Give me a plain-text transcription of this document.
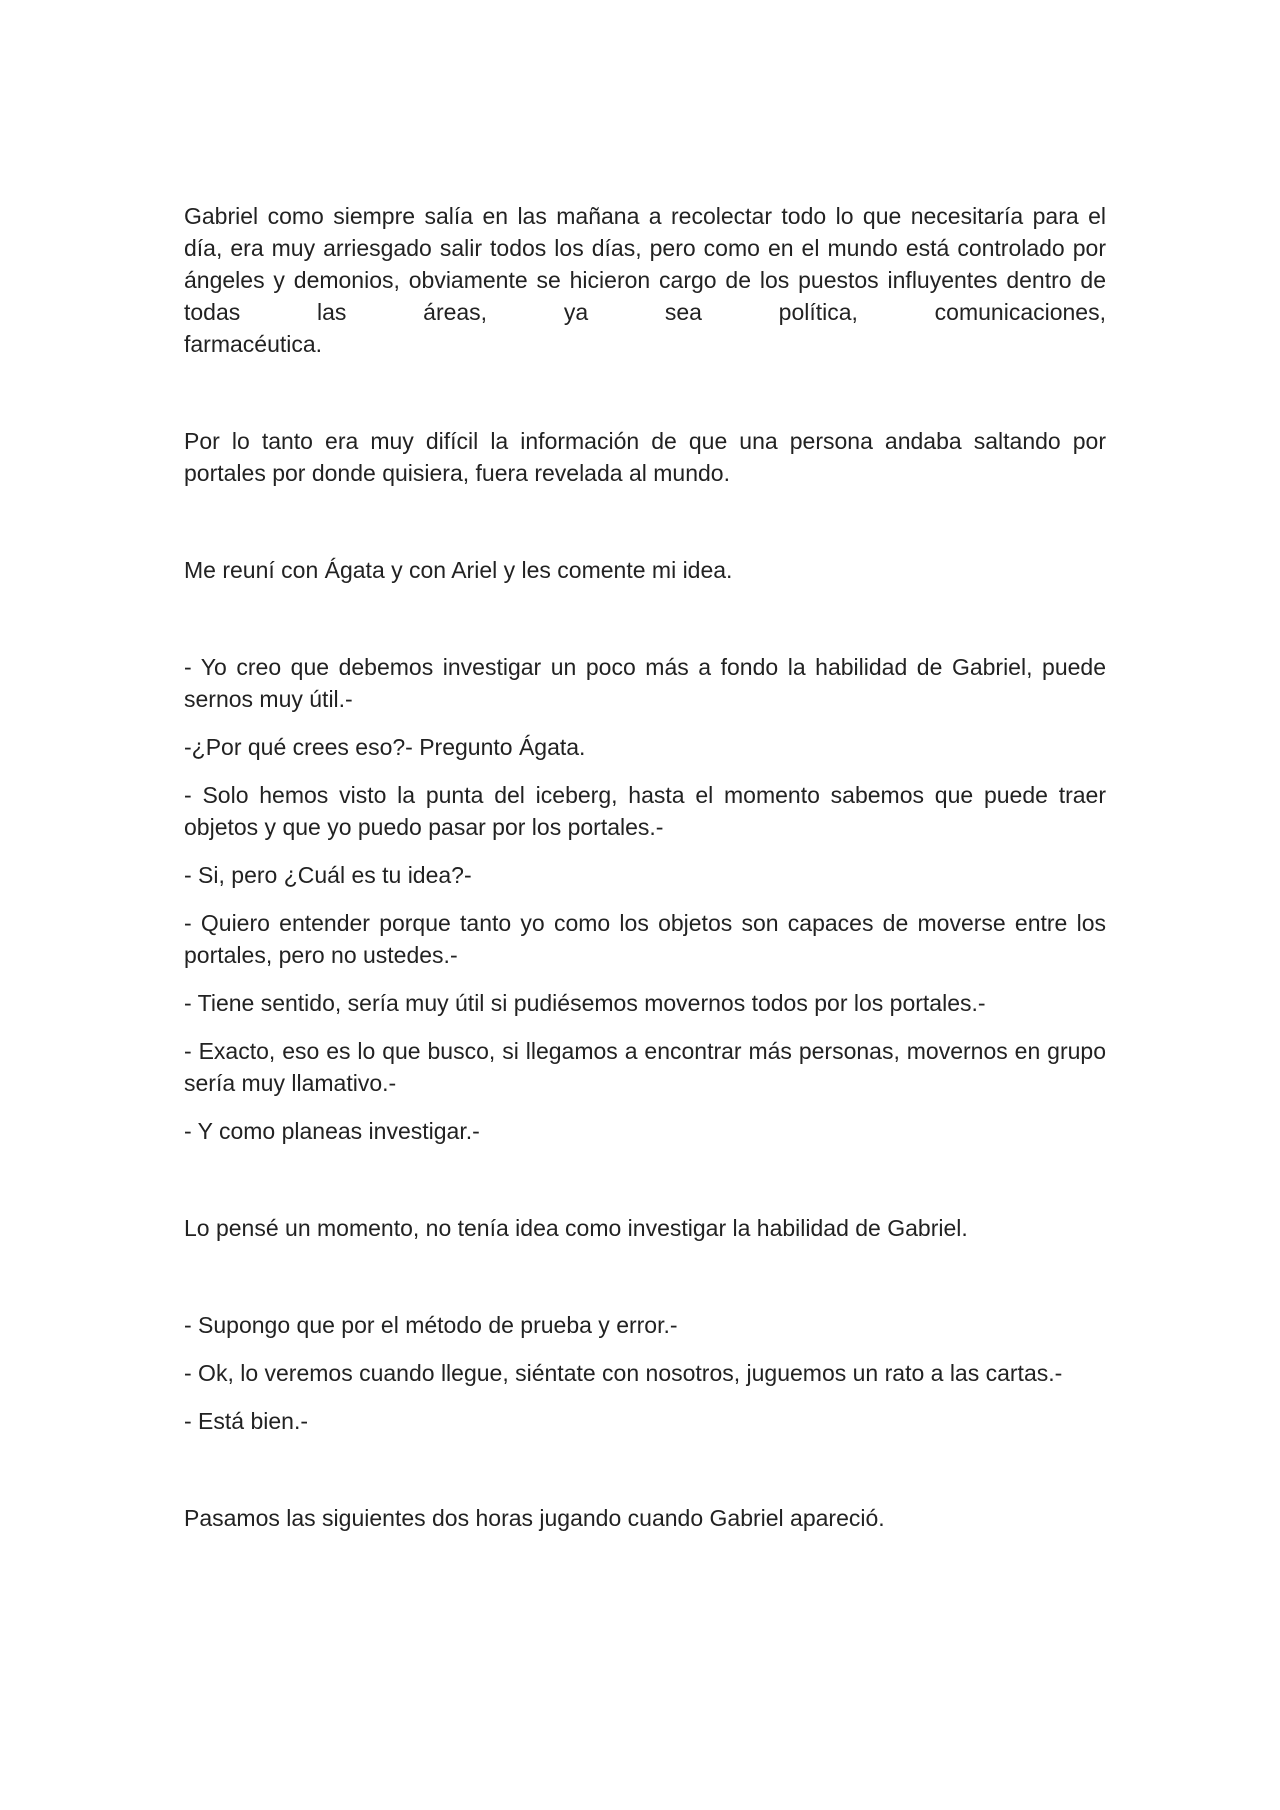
Gabriel como siempre salía en las mañana a recolectar todo lo que necesitaría para el día, era muy arriesgado salir todos los días, pero como en el mundo está controlado por ángeles y demonios, obviamente se hicieron cargo de los puestos influyentes dentro de todas las áreas, ya sea política, comunicaciones,

farmacéutica.

Por lo tanto era muy difícil la información de que una persona andaba saltando por portales por donde quisiera, fuera revelada al mundo.

Me reuní con Ágata y con Ariel y les comente mi idea.

- Yo creo que debemos investigar un poco más a fondo la habilidad de Gabriel, puede sernos muy útil.-

-¿Por qué crees eso?- Pregunto Ágata.

- Solo hemos visto la punta del iceberg, hasta el momento sabemos que puede traer objetos y que yo puedo pasar por los portales.-

- Si, pero ¿Cuál es tu idea?-

- Quiero entender porque tanto yo como los objetos son capaces de moverse entre los portales, pero no ustedes.-

- Tiene sentido, sería muy útil si pudiésemos movernos todos por los portales.-

- Exacto, eso es lo que busco, si llegamos a encontrar más personas, movernos en grupo sería muy llamativo.-

- Y como planeas investigar.-

Lo pensé un momento, no tenía idea como investigar la habilidad de Gabriel.

- Supongo que por el método de prueba y error.-

- Ok, lo veremos cuando llegue, siéntate con nosotros, juguemos un rato a las cartas.-

- Está bien.-

Pasamos las siguientes dos horas jugando cuando Gabriel apareció.
